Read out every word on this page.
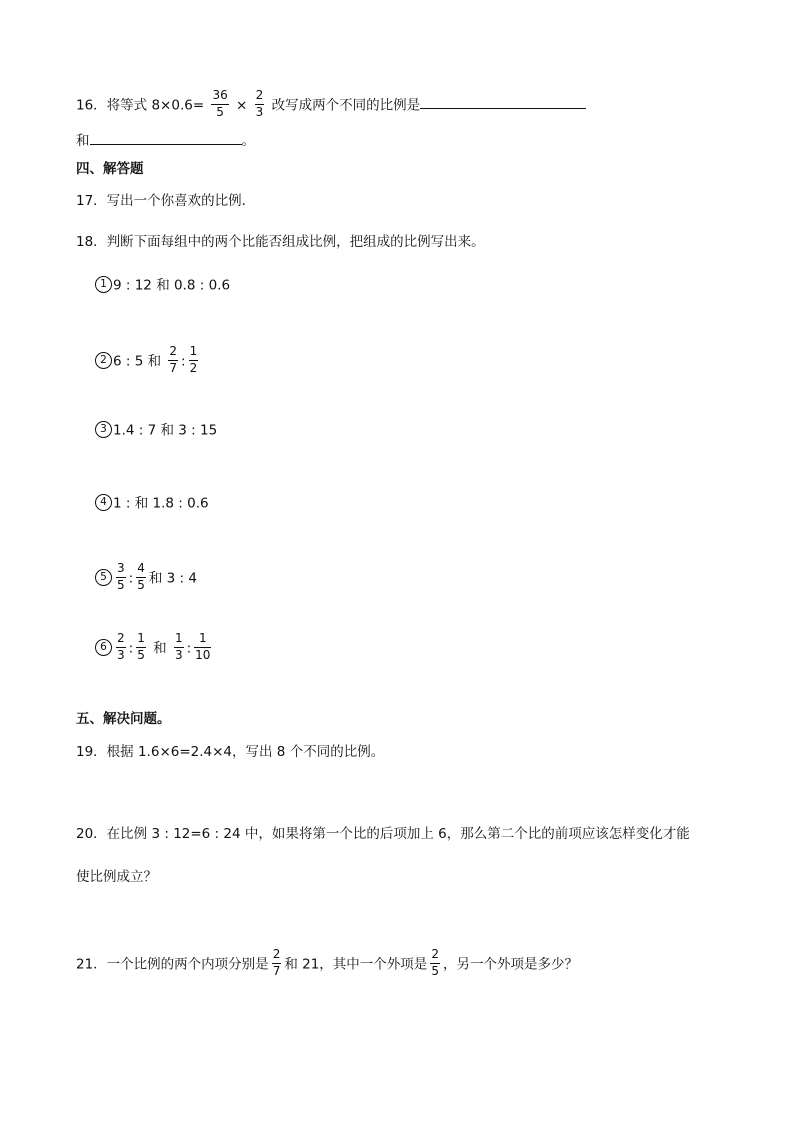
16．将等式 $8\times 0.6= \frac{36}{5} \times \frac{2}{3}$ 改写成两个不同的比例是
和	。
四、解答题
17．写出一个你喜欢的比例．
18．判断下面每组中的两个比能否组成比例，把组成的比例写出来。
1 9 : 12 和 0.8 : 0.6
2 6 : 5 和 $\frac{2}{7}$ : $\frac{1}{2}$
3 1.4 : 7 和 3 : 15
4 1 : 和 1.8 : 0.6
$5 \frac{3}{5}$ : $\frac{4}{5}$ 和 3 : 4
$6 \frac{2}{3}$ : $\frac{1}{5}$ 和 $\frac{1}{3}$ : $\frac{1}{10}$
五、解决问题。
19．根据 1.6×6=2.4×4，写出 8 个不同的比例。
20．在比例 3 : 12=6 : 24 中，如果将第一个比的后项加上 6，那么第二个比的前项应该怎样变化才能
使比例成立？
21．一个比例的两个内项分别是 $\frac{2}{7}$ 和 21，其中一个外项是 $\frac{2}{5}$ ，另一个外项是多少？
